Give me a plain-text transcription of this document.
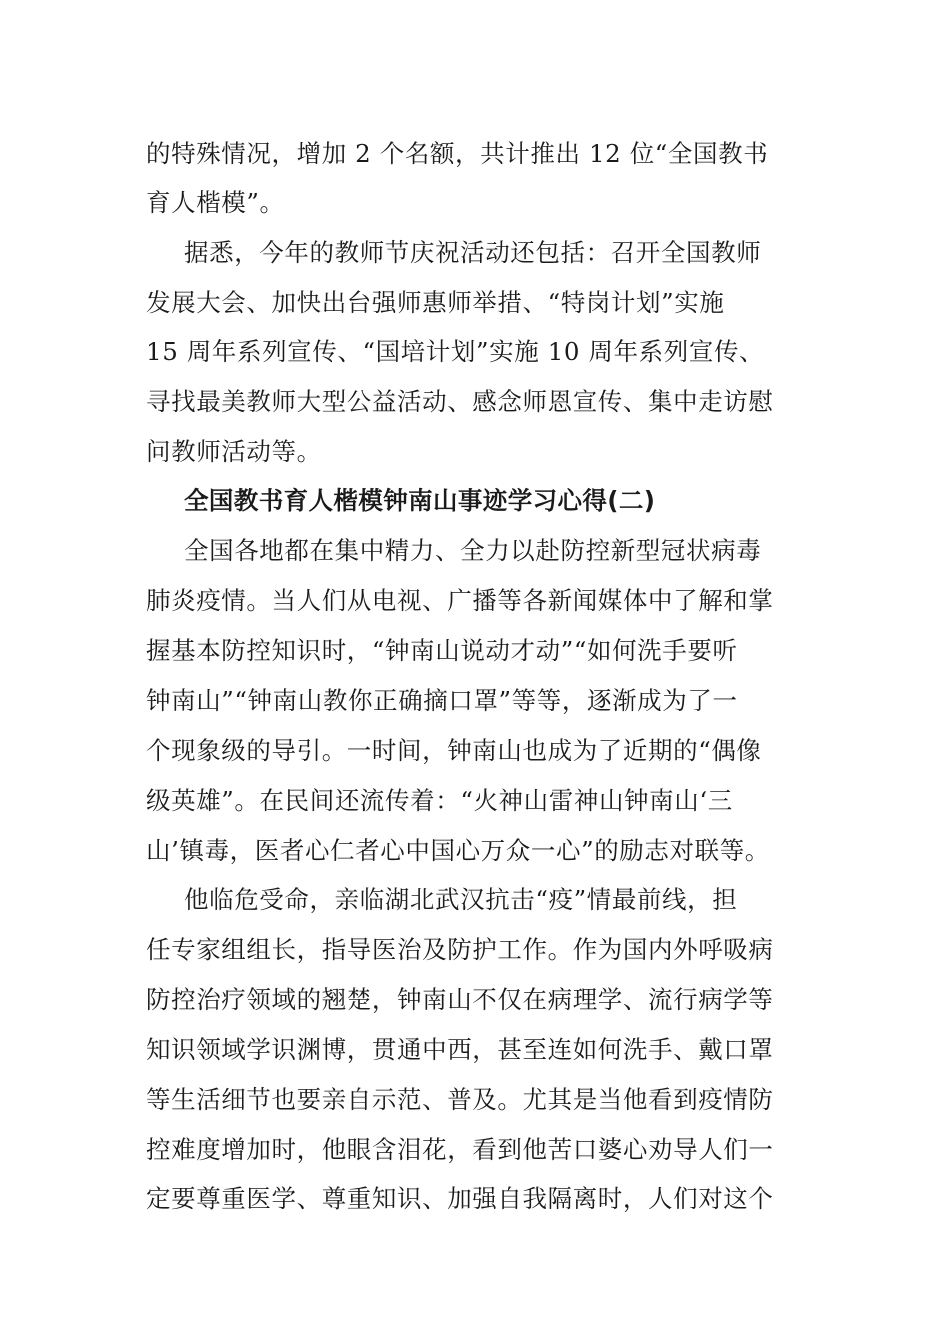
的特殊情况，增加 2 个名额，共计推出 12 位“全国教书
育人楷模”。
据悉，今年的教师节庆祝活动还包括：召开全国教师
发展大会、加快出台强师惠师举措、“特岗计划”实施
15 周年系列宣传、“国培计划”实施 10 周年系列宣传、
寻找最美教师大型公益活动、感念师恩宣传、集中走访慰
问教师活动等。
全国教书育人楷模钟南山事迹学习心得(二)
全国各地都在集中精力、全力以赴防控新型冠状病毒
肺炎疫情。当人们从电视、广播等各新闻媒体中了解和掌
握基本防控知识时，“钟南山说动才动”“如何洗手要听
钟南山”“钟南山教你正确摘口罩”等等，逐渐成为了一
个现象级的导引。一时间，钟南山也成为了近期的“偶像
级英雄”。在民间还流传着：“火神山雷神山钟南山‘三
山’镇毒，医者心仁者心中国心万众一心”的励志对联等。
他临危受命，亲临湖北武汉抗击“疫”情最前线，担
任专家组组长，指导医治及防护工作。作为国内外呼吸病
防控治疗领域的翘楚，钟南山不仅在病理学、流行病学等
知识领域学识渊博，贯通中西，甚至连如何洗手、戴口罩
等生活细节也要亲自示范、普及。尤其是当他看到疫情防
控难度增加时，他眼含泪花，看到他苦口婆心劝导人们一
定要尊重医学、尊重知识、加强自我隔离时，人们对这个
